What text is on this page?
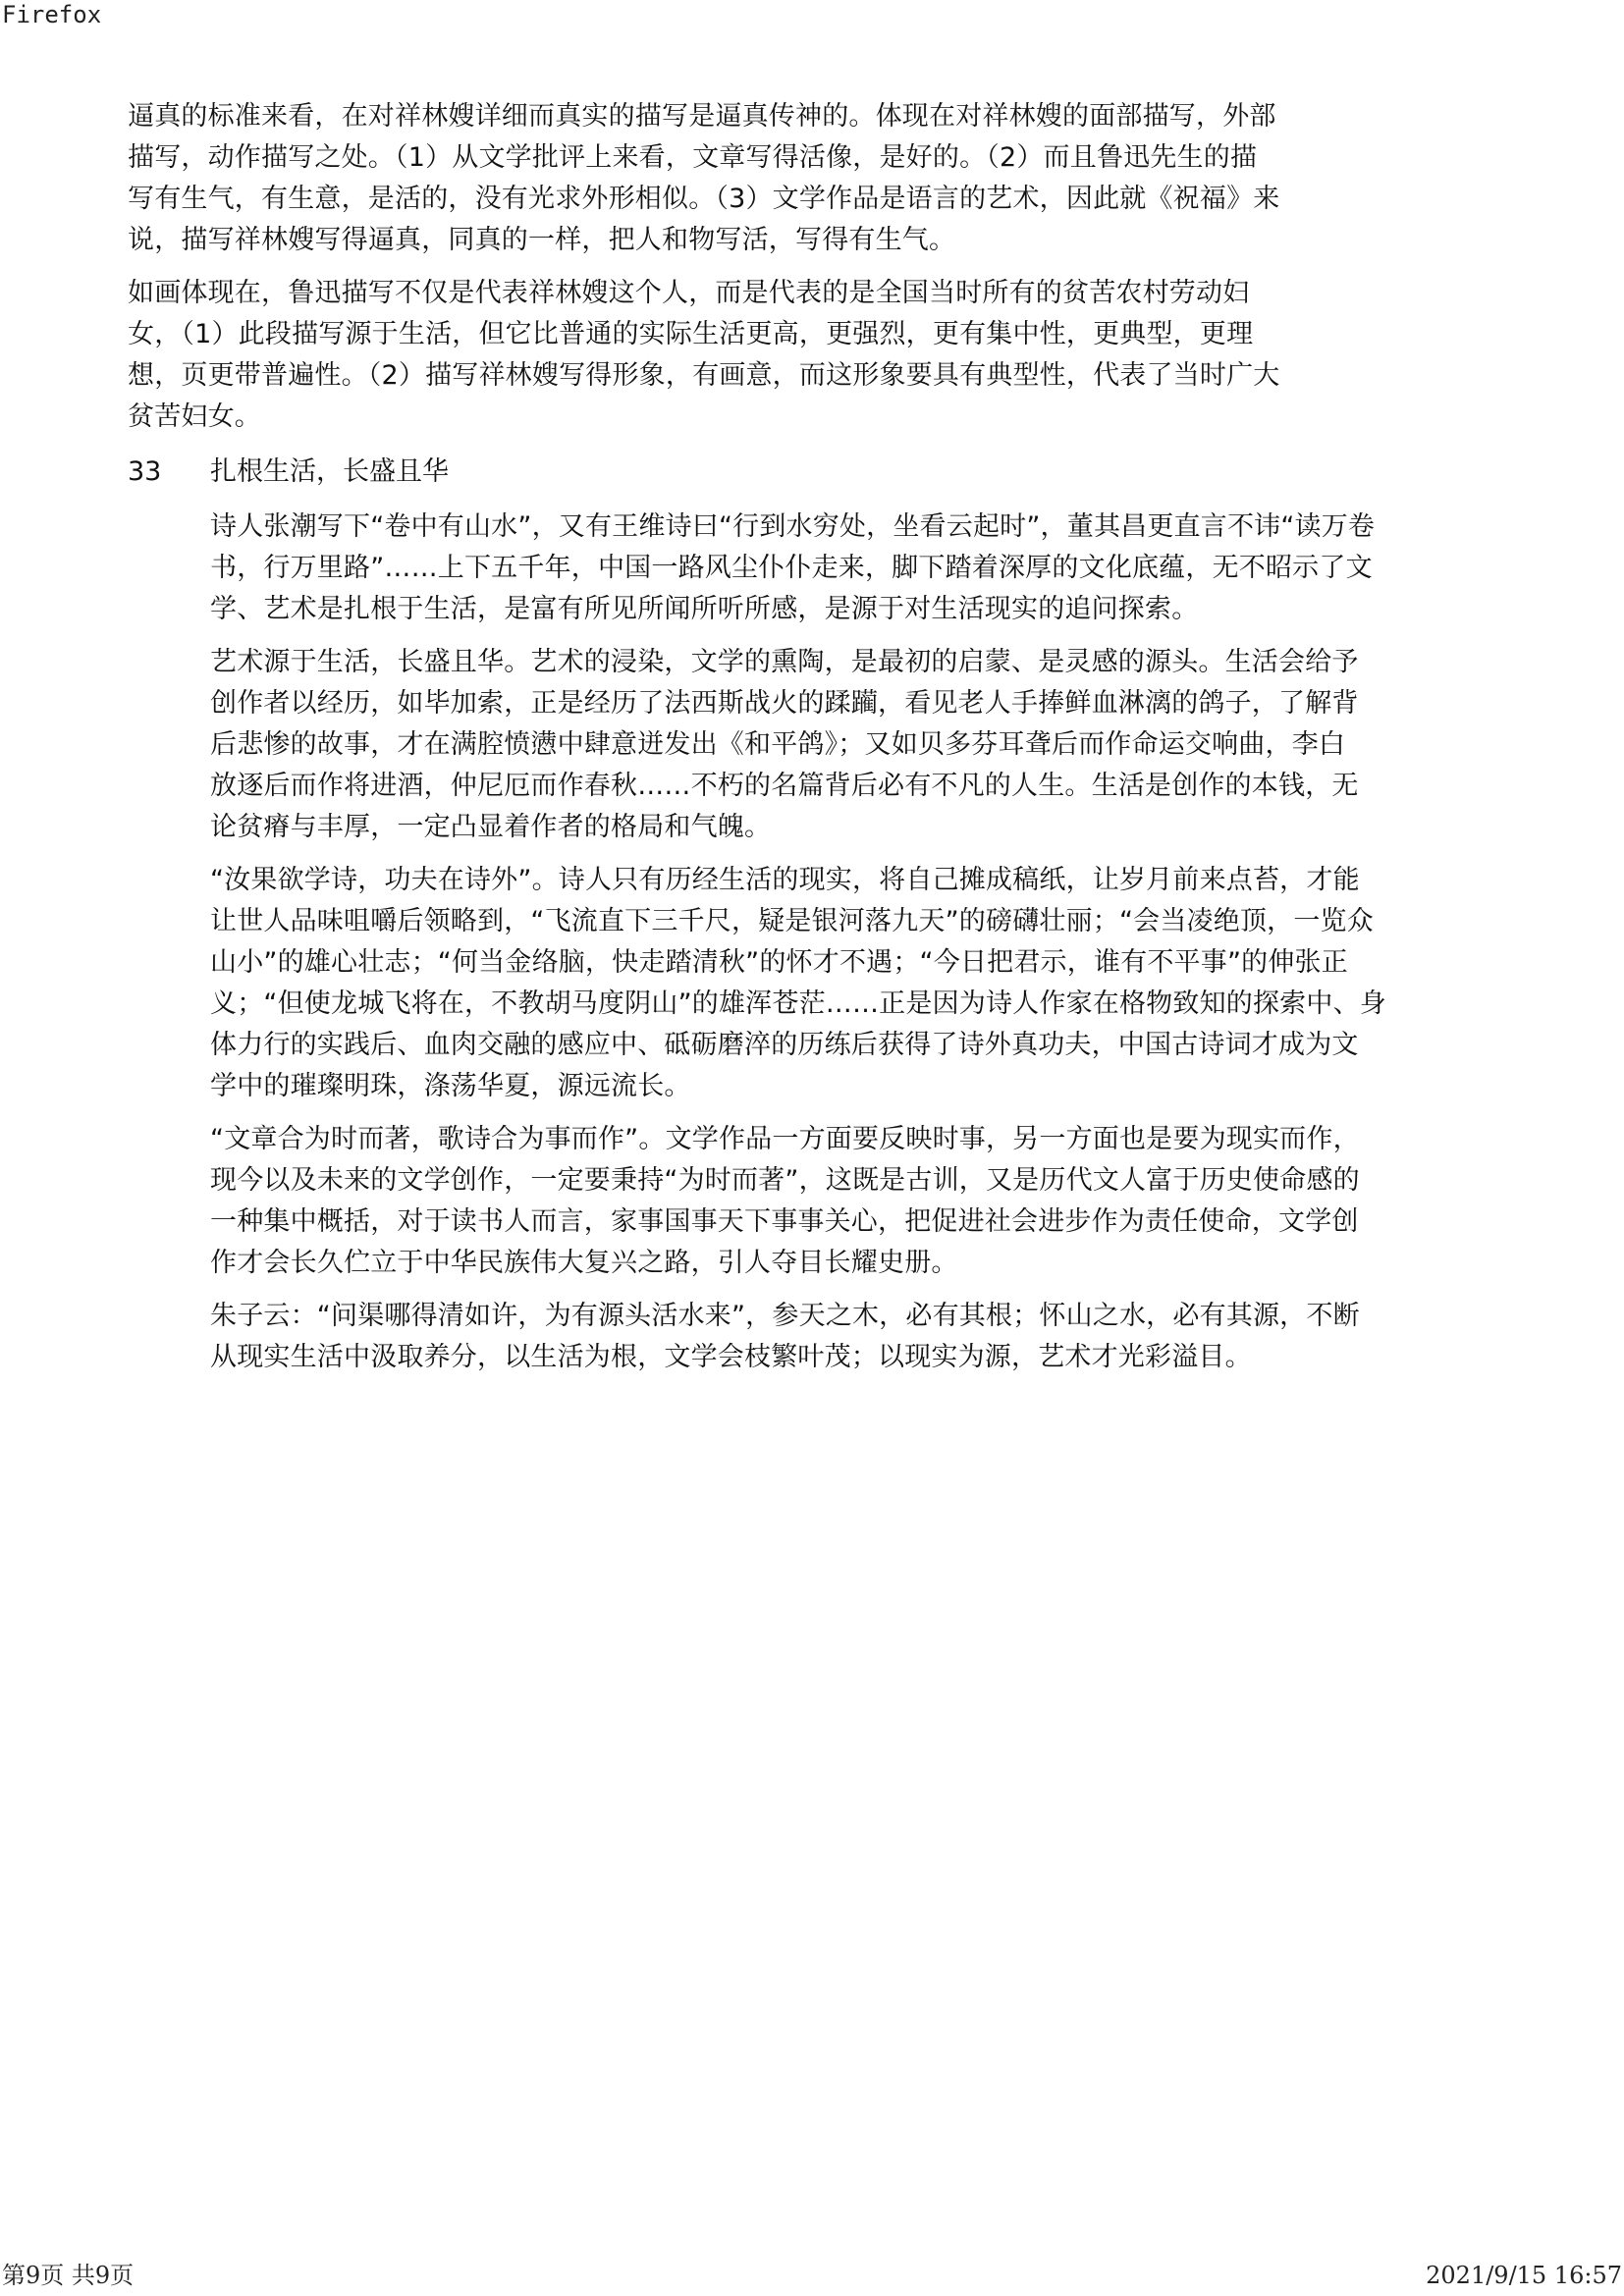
Firefox

逼真的标准来看，在对祥林嫂详细而真实的描写是逼真传神的。体现在对祥林嫂的面部描写，外部
描写，动作描写之处。（1）从文学批评上来看，文章写得活像，是好的。（2）而且鲁迅先生的描
写有生气，有生意，是活的，没有光求外形相似。（3）文学作品是语言的艺术，因此就《祝福》来
说，描写祥林嫂写得逼真，同真的一样，把人和物写活，写得有生气。

如画体现在，鲁迅描写不仅是代表祥林嫂这个人，而是代表的是全国当时所有的贫苦农村劳动妇
女，（1）此段描写源于生活，但它比普通的实际生活更高，更强烈，更有集中性，更典型，更理
想，页更带普遍性。（2）描写祥林嫂写得形象，有画意，而这形象要具有典型性，代表了当时广大
贫苦妇女。

33	扎根生活，长盛且华

诗人张潮写下“卷中有山水”，又有王维诗曰“行到水穷处，坐看云起时”，董其昌更直言不讳“读万卷
书，行万里路”……上下五千年，中国一路风尘仆仆走来，脚下踏着深厚的文化底蕴，无不昭示了文
学、艺术是扎根于生活，是富有所见所闻所听所感，是源于对生活现实的追问探索。

艺术源于生活，长盛且华。艺术的浸染，文学的熏陶，是最初的启蒙、是灵感的源头。生活会给予
创作者以经历，如毕加索，正是经历了法西斯战火的蹂躏，看见老人手捧鲜血淋漓的鸽子，了解背
后悲惨的故事，才在满腔愤懑中肆意迸发出《和平鸽》；又如贝多芬耳聋后而作命运交响曲，李白
放逐后而作将进酒，仲尼厄而作春秋……不朽的名篇背后必有不凡的人生。生活是创作的本钱，无
论贫瘠与丰厚，一定凸显着作者的格局和气魄。

“汝果欲学诗，功夫在诗外”。诗人只有历经生活的现实，将自己摊成稿纸，让岁月前来点苔，才能
让世人品味咀嚼后领略到，“飞流直下三千尺，疑是银河落九天”的磅礴壮丽；“会当凌绝顶，一览众
山小”的雄心壮志；“何当金络脑，快走踏清秋”的怀才不遇；“今日把君示，谁有不平事”的伸张正
义；“但使龙城飞将在，不教胡马度阴山”的雄浑苍茫……正是因为诗人作家在格物致知的探索中、身
体力行的实践后、血肉交融的感应中、砥砺磨淬的历练后获得了诗外真功夫，中国古诗词才成为文
学中的璀璨明珠，涤荡华夏，源远流长。

“文章合为时而著，歌诗合为事而作”。文学作品一方面要反映时事，另一方面也是要为现实而作，
现今以及未来的文学创作，一定要秉持“为时而著”，这既是古训，又是历代文人富于历史使命感的
一种集中概括，对于读书人而言，家事国事天下事事关心，把促进社会进步作为责任使命，文学创
作才会长久伫立于中华民族伟大复兴之路，引人夺目长耀史册。

朱子云：“问渠哪得清如许，为有源头活水来”，参天之木，必有其根；怀山之水，必有其源，不断
从现实生活中汲取养分，以生活为根，文学会枝繁叶茂；以现实为源，艺术才光彩溢目。

第9页 共9页	2021/9/15 16:57
